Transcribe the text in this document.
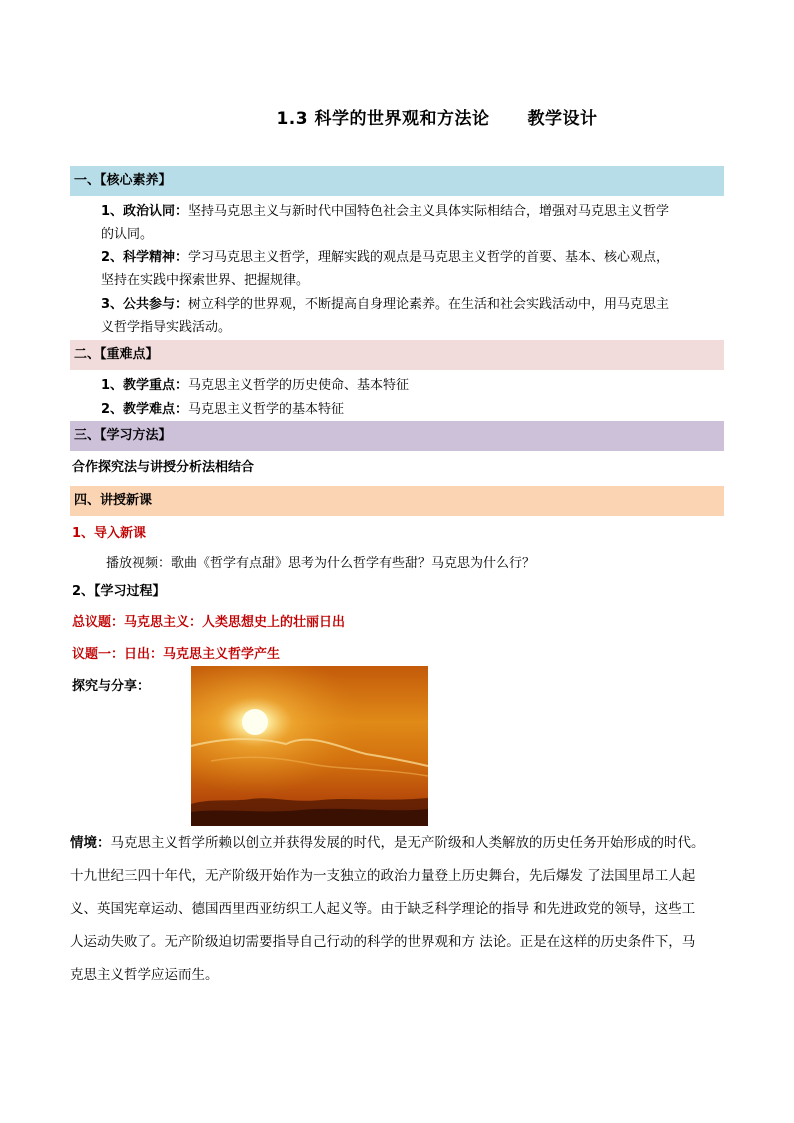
1.3 科学的世界观和方法论 教学设计
一、【核心素养】
1、政治认同：坚持马克思主义与新时代中国特色社会主义具体实际相结合，增强对马克思主义哲学
的认同。
2、科学精神：学习马克思主义哲学，理解实践的观点是马克思主义哲学的首要、基本、核心观点，
坚持在实践中探索世界、把握规律。
3、公共参与：树立科学的世界观，不断提高自身理论素养。在生活和社会实践活动中，用马克思主
义哲学指导实践活动。
二、【重难点】
1、教学重点：马克思主义哲学的历史使命、基本特征
2、教学难点：马克思主义哲学的基本特征
三、【学习方法】
合作探究法与讲授分析法相结合
四、讲授新课
1、导入新课
播放视频：歌曲《哲学有点甜》思考为什么哲学有些甜？马克思为什么行？
2、【学习过程】
总议题：马克思主义：人类思想史上的壮丽日出
议题一：日出：马克思主义哲学产生
探究与分享：
情境：马克思主义哲学所赖以创立并获得发展的时代，是无产阶级和人类解放的历史任务开始形成的时代。
十九世纪三四十年代，无产阶级开始作为一支独立的政治力量登上历史舞台，先后爆发 了法国里昂工人起
义、英国宪章运动、德国西里西亚纺织工人起义等。由于缺乏科学理论的指导 和先进政党的领导，这些工
人运动失败了。无产阶级迫切需要指导自己行动的科学的世界观和方 法论。正是在这样的历史条件下，马
克思主义哲学应运而生。
